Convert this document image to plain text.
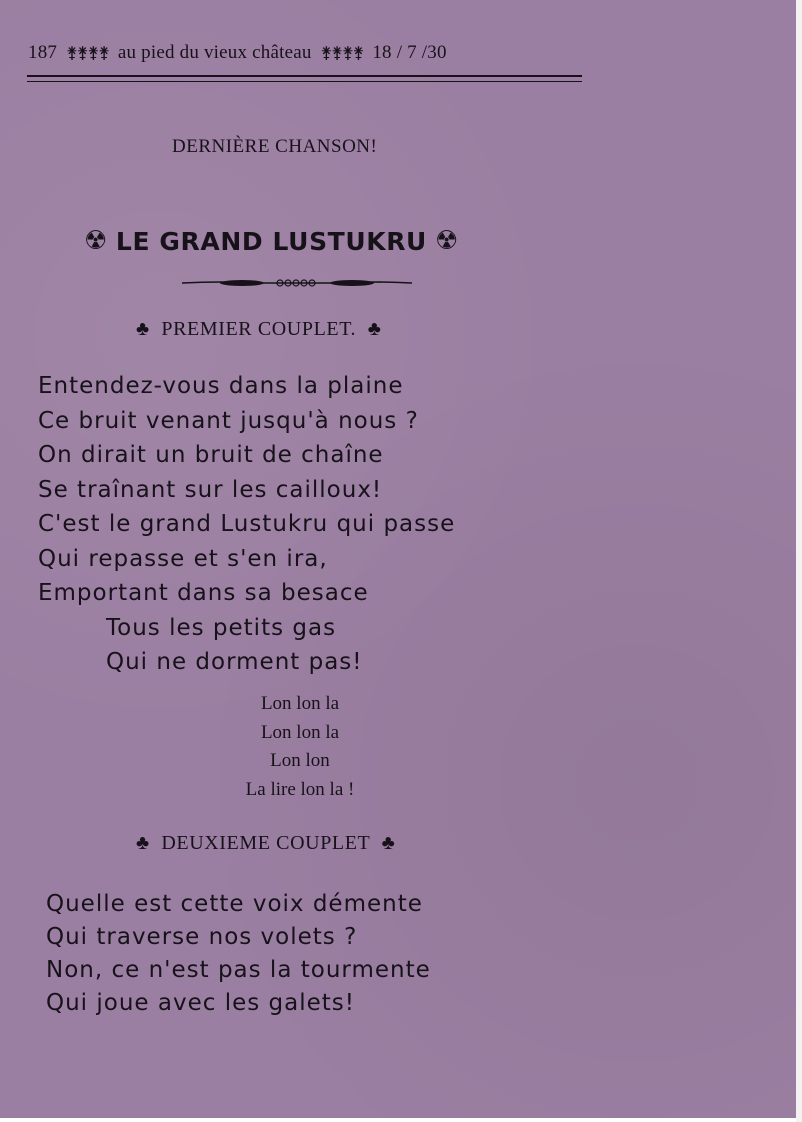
187 ⚵⚵⚵⚵ au pied du vieux château ⚵⚵⚵⚵ 18 / 7 /30
DERNIÈRE CHANSON!
☢ LE GRAND LUSTUKRU ☢
♣ PREMIER COUPLET. ♣
Entendez-vous dans la plaine
Ce bruit venant jusqu'à nous ?
On dirait un bruit de chaîne
Se traînant sur les cailloux!
C'est le grand Lustukru qui passe
Qui repasse et s'en ira,
Emportant dans sa besace
Tous les petits gas
Qui ne dorment pas!
Lon lon la
Lon lon la
Lon lon
La lire lon la !
♣ DEUXIEME COUPLET ♣
Quelle est cette voix démente
Qui traverse nos volets ?
Non, ce n'est pas la tourmente
Qui joue avec les galets!
